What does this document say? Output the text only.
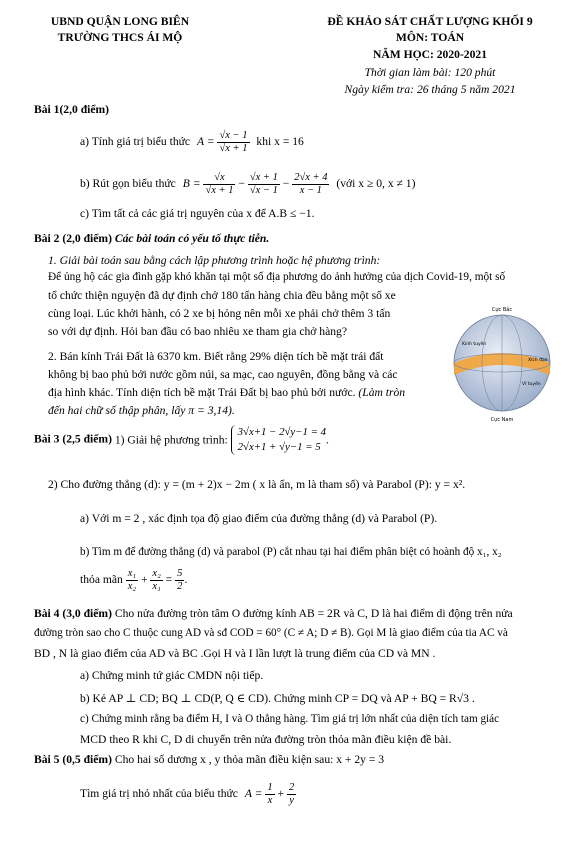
UBND QUẬN LONG BIÊN
TRƯỜNG THCS ÁI MỘ
ĐỀ KHẢO SÁT CHẤT LƯỢNG KHỐI 9
MÔN: TOÁN
NĂM HỌC: 2020-2021
Thời gian làm bài: 120 phút
Ngày kiểm tra: 26 tháng 5 năm 2021
Bài 1(2,0 điểm)
a) Tính giá trị biểu thức $A = \frac{√x - 1}{√x + 1}$ khi x = 16
b) Rút gọn biểu thức $B = \frac{√x}{√x + 1} - \frac{√x + 1}{√x - 1} - \frac{2√x + 4}{x - 1}$ (với x ≥ 0, x ≠ 1)
c) Tìm tất cả các giá trị nguyên của x để A.B ≤ −1.
Bài 2 (2,0 điểm) Các bài toán có yếu tố thực tiễn.
1. Giải bài toán sau bằng cách lập phương trình hoặc hệ phương trình:
Để ủng hộ các gia đình gặp khó khăn tại một số địa phương do ảnh hưởng của dịch Covid-19, một số
tổ chức thiện nguyện đã dự định chở 180 tấn hàng chia đều bằng một số xe
cùng loại. Lúc khởi hành, có 2 xe bị hỏng nên mỗi xe phải chở thêm 3 tấn
so với dự định. Hỏi ban đầu có bao nhiêu xe tham gia chở hàng?
2. Bán kính Trái Đất là 6370 km. Biết rằng 29% diện tích bề mặt trái đất
không bị bao phủ bởi nước gồm núi, sa mạc, cao nguyên, đồng bằng và các
địa hình khác. Tính diện tích bề mặt Trái Đất bị bao phủ bởi nước. (Làm tròn
đến hai chữ số thập phân, lấy π = 3,14).
Cực Bắc
Cực Nam
Kinh tuyến
Xích đạo
Vĩ tuyến
Bài 3 (2,5 điểm) 1) Giải hệ phương trình:
3√x+1 − 2√y−1 = 4
2√x+1 + √y−1 = 5
.
2) Cho đường thẳng (d): y = (m + 2)x − 2m ( x là ẩn, m là tham số) và Parabol (P): y = x².
a) Với m = 2 , xác định tọa độ giao điểm của đường thẳng (d) và Parabol (P).
b) Tìm m để đường thẳng (d) và parabol (P) cắt nhau tại hai điểm phân biệt có hoành độ x₁, x₂
thỏa mãn $\frac{\text{x₁}}{\text{x₂}} + \frac{\text{x₂}}{\text{x₁}} = \frac{5}{2}$ .
Bài 4 (3,0 điểm) Cho nửa đường tròn tâm O đường kính AB = 2R và C, D là hai điểm di động trên nửa
đường tròn sao cho C thuộc cung AD và sđ COD = 60° (C ≠ A; D ≠ B). Gọi M là giao điểm của tia AC và
BD , N là giao điểm của AD và BC .Gọi H và I lần lượt là trung điểm của CD và MN .
a) Chứng minh tứ giác CMDN nội tiếp.
b) Kẻ AP ⊥ CD; BQ ⊥ CD(P, Q ∈ CD). Chứng minh CP = DQ và AP + BQ = R√3 .
c) Chứng minh rằng ba điểm H, I và O thẳng hàng. Tìm giá trị lớn nhất của diện tích tam giác
MCD theo R khi C, D di chuyển trên nửa đường tròn thỏa mãn điều kiện đề bài.
Bài 5 (0,5 điểm) Cho hai số dương x , y thỏa mãn điều kiện sau: x + 2y = 3
Tìm giá trị nhỏ nhất của biểu thức $A = \frac{1}{x} + \frac{2}{y}$
